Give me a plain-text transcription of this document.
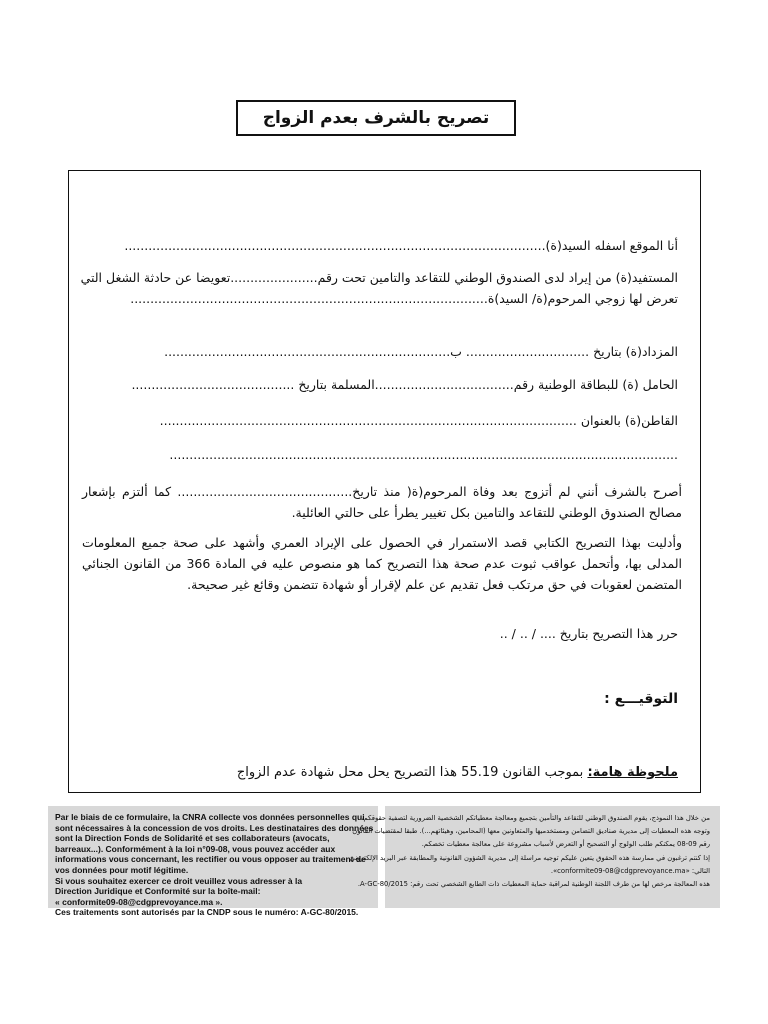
تصريح بالشرف بعدم الزواج
أنا الموقع اسفله السيد(ة)..........................................................................................................
المستفيد(ة) من إيراد لدى الصندوق الوطني للتقاعد والتامين تحت رقم......................تعويضا عن حادثة الشغل التي
تعرض لها زوجي المرحوم(ة/ السيد)ة..........................................................................................
المزداد(ة) بتاريخ ............................... ب........................................................................
الحامل (ة) للبطاقة الوطنية رقم...................................المسلمة بتاريخ .........................................
القاطن(ة) بالعنوان .........................................................................................................
................................................................................................................................
أصرح بالشرف أنني لم أتزوج بعد وفاة المرحوم(ة( منذ تاريخ............................................ كما ألتزم بإشعار مصالح الصندوق الوطني للتقاعد والتامين بكل تغيير يطرأ على حالتي العائلية.
وأدليت بهذا التصريح الكتابي قصد الاستمرار في الحصول على الإيراد العمري وأشهد على صحة جميع المعلومات المدلى بها، وأتحمل عواقب ثبوت عدم صحة هذا التصريح كما هو منصوص عليه في المادة 366 من القانون الجنائي المتضمن لعقوبات في حق مرتكب فعل تقديم عن علم لإقرار أو شهادة تتضمن وقائع غير صحيحة.
حرر هذا التصريح بتاريخ .... / .. / ..
التوقيـــع :
ملحوظة هامة: بموجب القانون 55.19 هذا التصريح يحل محل شهادة عدم الزواج
Par le biais de ce formulaire, la CNRA collecte vos données personnelles qui
sont nécessaires à la concession de vos droits. Les destinataires des données
sont la Direction Fonds de Solidarité et ses collaborateurs (avocats,
barreaux...). Conformément à la loi n°09-08, vous pouvez accéder aux
informations vous concernant, les rectifier ou vous opposer au traitement de
vos données pour motif légitime.
Si vous souhaitez exercer ce droit veuillez vous adresser à la
Direction Juridique et Conformité sur la boîte-mail:
« conformite09-08@cdgprevoyance.ma ».
Ces traitements sont autorisés par la CNDP sous le numéro: A-GC-80/2015.
من خلال هذا النموذج، يقوم الصندوق الوطني للتقاعد والتأمين بتجميع ومعالجة معطياتكم الشخصية الضرورية لتصفية حقوقكم،
وتوجه هذه المعطيات إلى مديرية صناديق التضامن ومستخدميها والمتعاونين معها (المحامين، وهيئاتهم...). طبقا لمقتضيات القانون
رقم 09-08 يمكنكم طلب الولوج أو التصحيح أو التعرض لأسباب مشروعة على معالجة معطيات تخصكم.
إذا كنتم ترغبون في ممارسة هذه الحقوق يتعين عليكم توجيه مراسلة إلى مديرية الشؤون القانونية والمطابقة عبر البريد الإلكتروني
التالي: «conformite09-08@cdgprevoyance.ma».
هذه المعالجة مرخص لها من طرف اللجنة الوطنية لمراقبة حماية المعطيات ذات الطابع الشخصي تحت رقم: A-GC-80/2015.
